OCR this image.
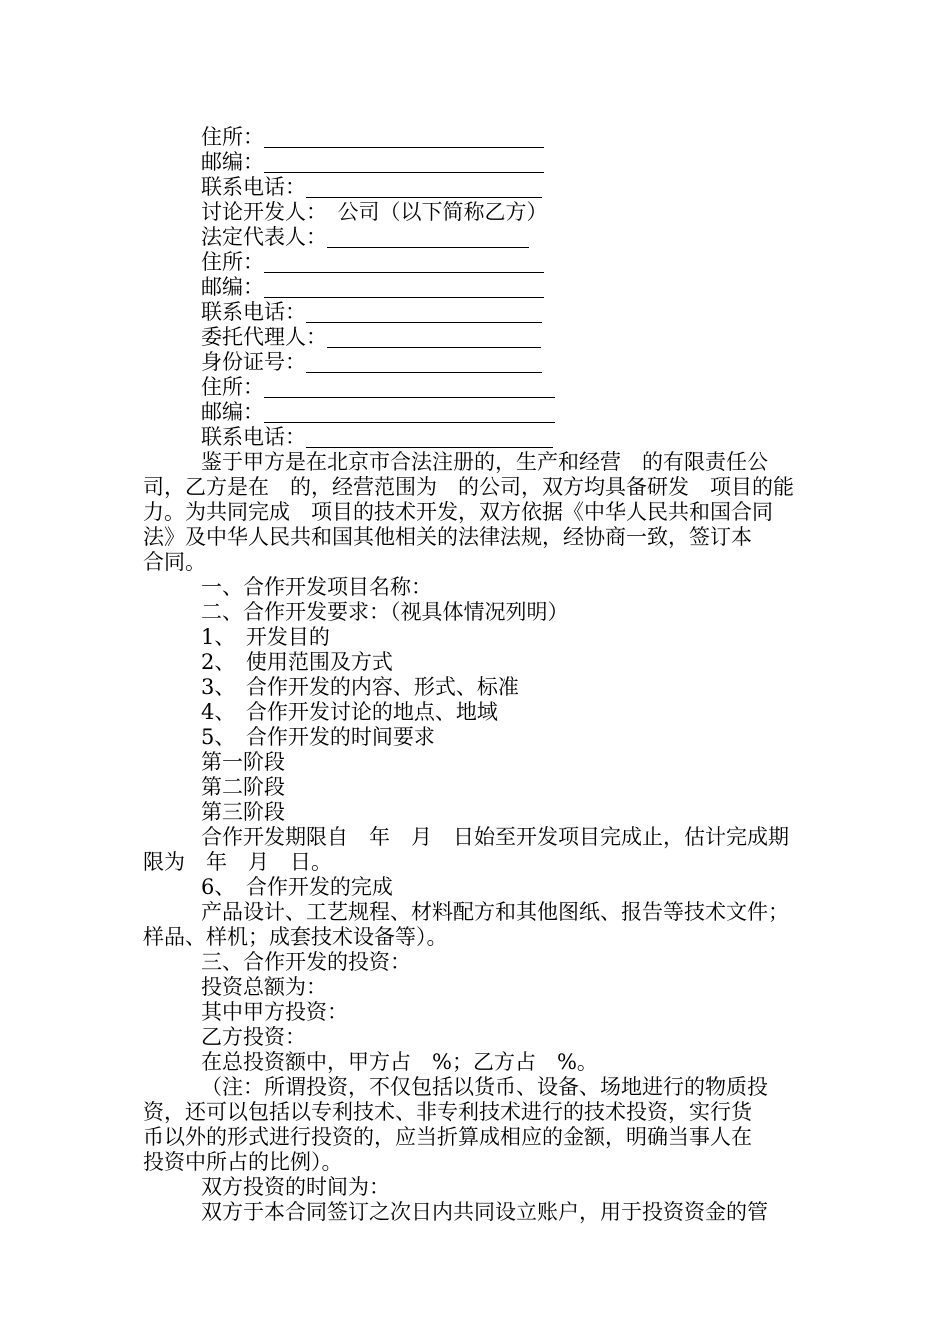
住所：
邮编：
联系电话：
讨论开发人：　公司（以下简称乙方）
法定代表人：
住所：
邮编：
联系电话：
委托代理人：
身份证号：
住所：
邮编：
联系电话：
鉴于甲方是在北京市合法注册的，生产和经营　的有限责任公
司，乙方是在　的，经营范围为　的公司，双方均具备研发　项目的能
力。为共同完成　项目的技术开发，双方依据《中华人民共和国合同
法》及中华人民共和国其他相关的法律法规，经协商一致，签订本
合同。
一、合作开发项目名称：
二、合作开发要求：（视具体情况列明）
1、　开发目的
2、　使用范围及方式
3、　合作开发的内容、形式、标准
4、　合作开发讨论的地点、地域
5、　合作开发的时间要求
第一阶段
第二阶段
第三阶段
合作开发期限自　年　月　日始至开发项目完成止，估计完成期
限为　年　月　日。
6、　合作开发的完成
产品设计、工艺规程、材料配方和其他图纸、报告等技术文件；
样品、样机；成套技术设备等）。
三、合作开发的投资：
投资总额为：
其中甲方投资：
乙方投资：
在总投资额中，甲方占　%；乙方占　%。
（注：所谓投资，不仅包括以货币、设备、场地进行的物质投
资，还可以包括以专利技术、非专利技术进行的技术投资，实行货
币以外的形式进行投资的，应当折算成相应的金额，明确当事人在
投资中所占的比例）。
双方投资的时间为：
双方于本合同签订之次日内共同设立账户，用于投资资金的管
